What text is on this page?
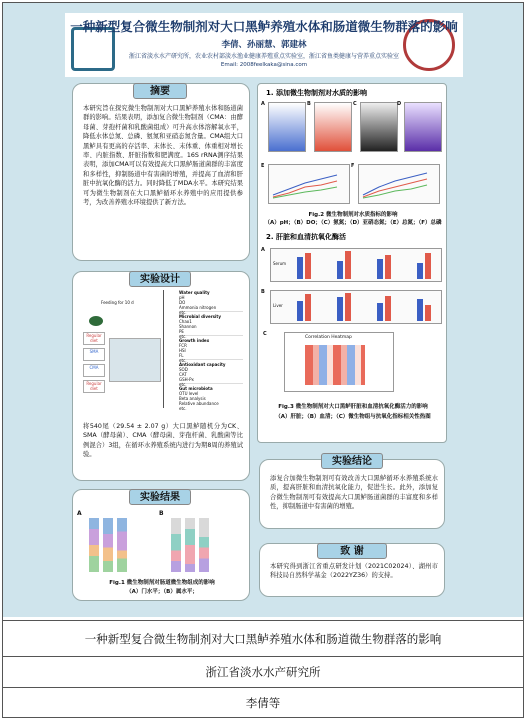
一种新型复合微生物制剂对大口黑鲈养殖水体和肠道微生物群落的影响
李倩、孙丽慧、郭建林
浙江省淡水水产研究所，农业农村部淡水渔业健康养殖重点实验室，浙江省鱼类健康与营养重点实验室
Email: 2008feelkaka@sina.com
本研究旨在探究微生物制剂对大口黑鲈养殖水体和肠道菌群的影响。结果表明，添加复合微生物制剂（CMA：由酵母菌、芽孢杆菌和乳酸菌组成）可升高水体溶解氧水平，降低水体总氮、总磷、氨氮和亚硝态氮含量。CMA组大口黑鲈具有更高的存活率、末体长、末体重、体重相对增长率、内脏指数、肝脏指数和肥满度。16S rRNA测序结果表明，添加CMA可以有效提高大口黑鲈肠道菌群的丰富度和多样性，抑制肠道中有害菌的增殖，并提高了血清和肝脏中抗氧化酶的活力。同时降低了MDA水平。本研究结果可为微生物制剂在大口黑鲈循环水养殖中的应用提供参考，为改善养殖水环境提供了新方法。
摘要
Feeding for 10 d
Regular diet
SMA
CMA
Regular diet
Water quality
pH
DO
Ammonia nitrogen
etc.
Microbial diversity
Chao1
Shannon
PE
etc.
Growth index
FCR
HSI
FL
etc.
Antioxidant capacity
SOD
CAT
GSH-Px
etc.
Gut microbiota
OTU level
Beta analysis
Relative abundance
etc.
将540尾（29.54 ± 2.07 g）大口黑鲈随机分为CK、SMA（酵母菌）、CMA（酵母菌、芽孢杆菌、乳酸菌等比例混合）3组，在循环水养殖系统内进行为期8周的养殖试验。
实验设计
A	B
Fig.1 微生物制剂对肠道微生物组成的影响
（A）门水平；（B）属水平；
实验结果
1. 添加微生物制剂对水质的影响
A	B	C	D
E	F
Fig.2 微生物制剂对水质指标的影响
（A）pH；（B）DO；（C）氨氮；（D）亚硝态氮；（E）总氮；（F）总磷
2. 肝脏和血清抗氧化酶活
A
Serum
B
Liver
C
Correlation Heatmap
Fig.3 微生物制剂对大口黑鲈肝脏和血清抗氧化酶活力的影响
（A）肝脏；（B）血清；（C）微生物组与抗氧化指标相关性热图
添复合加微生物制剂可有效改善大口黑鲈循环水养殖系统水质，提高肝脏和血清抗氧化能力，促进生长。此外，添加复合微生物制剂可有效提高大口黑鲈肠道菌群的丰富度和多样性，抑制肠道中有害菌的增殖。
实验结论
本研究得到浙江省重点研发计划（2021C02024）、湖州市科技局自然科学基金（2022YZ36）的支持。
致 谢
一种新型复合微生物制剂对大口黑鲈养殖水体和肠道微生物群落的影响
浙江省淡水水产研究所
李倩等
